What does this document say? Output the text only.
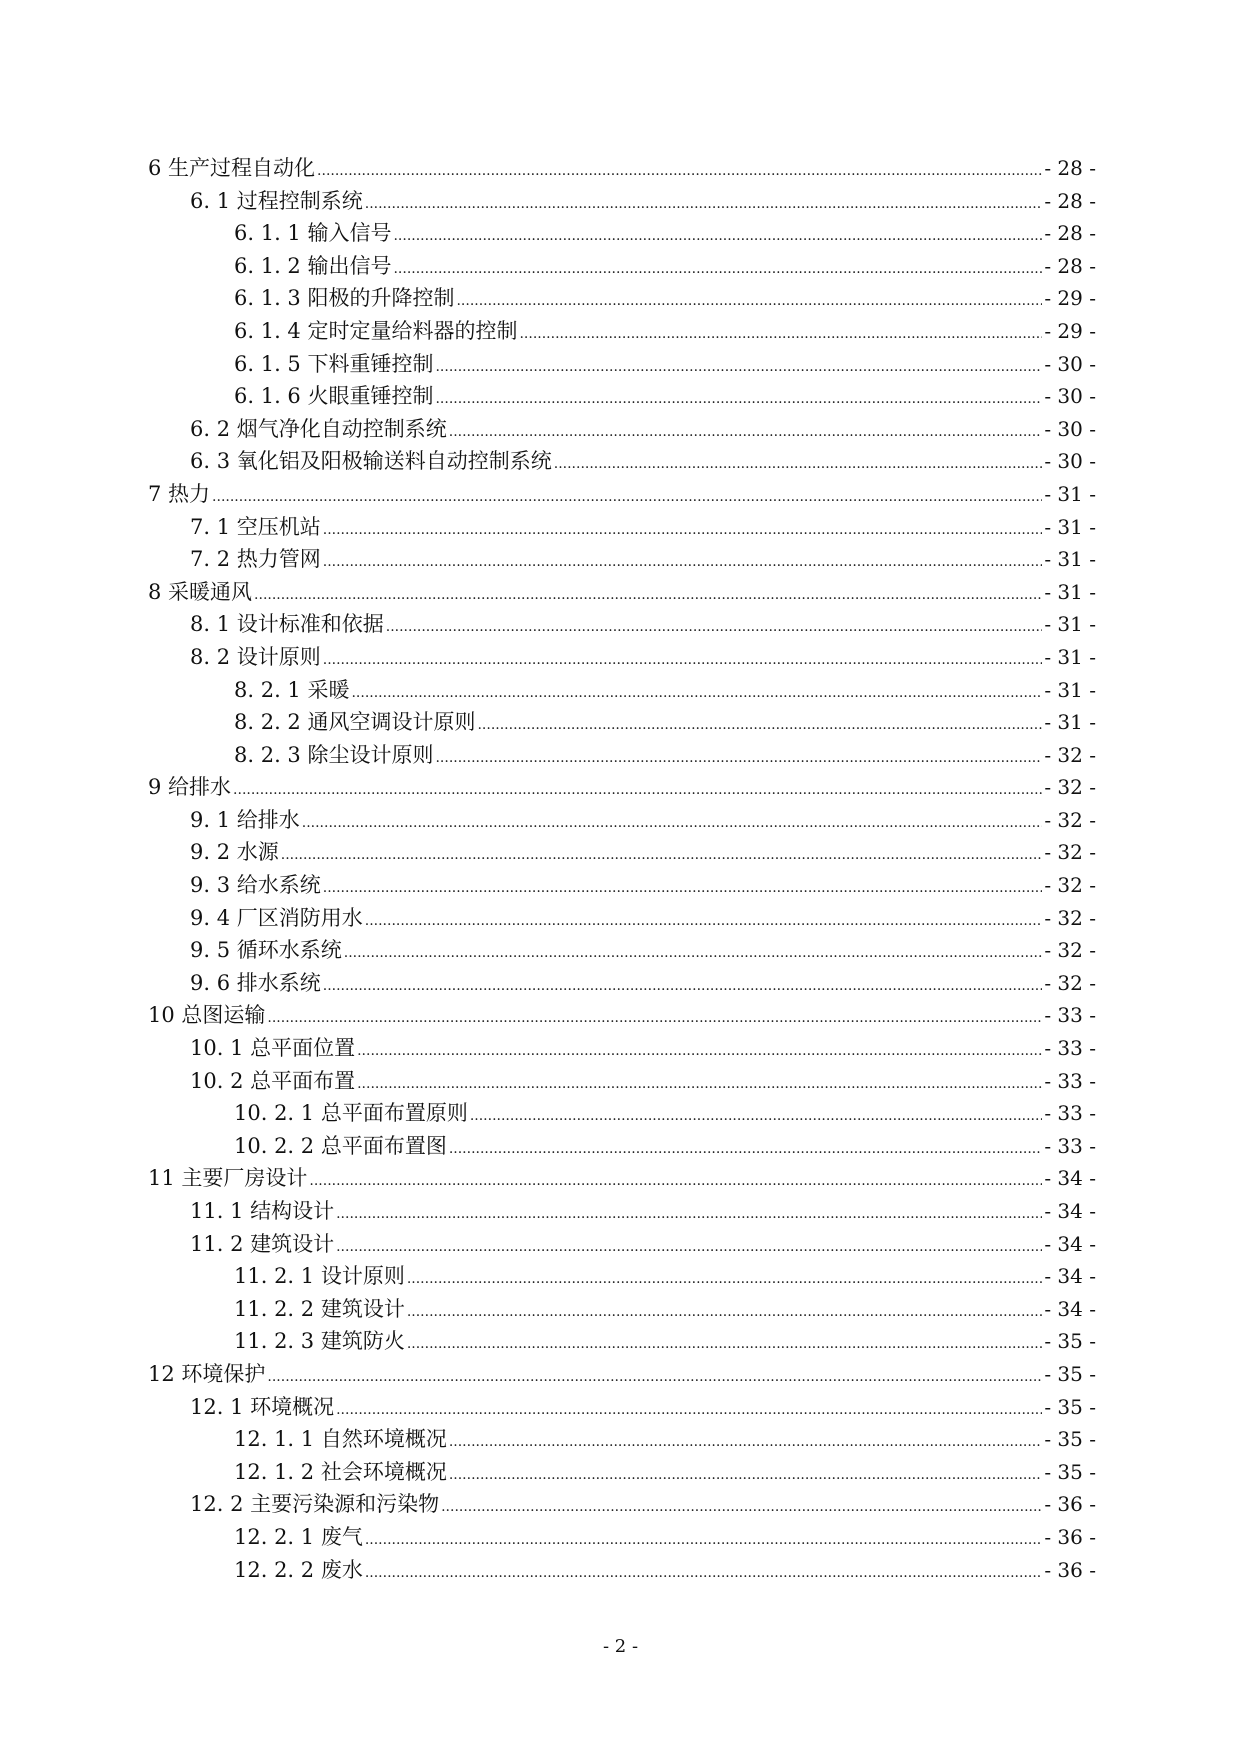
6 生产过程自动化 .....	- 28 -
6. 1 过程控制系统 .....	- 28 -
6. 1. 1 输入信号 .....	- 28 -
6. 1. 2 输出信号 .....	- 28 -
6. 1. 3 阳极的升降控制 .....	- 29 -
6. 1. 4 定时定量给料器的控制 .....	- 29 -
6. 1. 5 下料重锤控制 .....	- 30 -
6. 1. 6 火眼重锤控制 .....	- 30 -
6. 2 烟气净化自动控制系统 .....	- 30 -
6. 3 氧化铝及阳极输送料自动控制系统 .....	- 30 -
7 热力 .....	- 31 -
7. 1 空压机站 .....	- 31 -
7. 2 热力管网 .....	- 31 -
8 采暖通风 .....	- 31 -
8. 1 设计标准和依据 .....	- 31 -
8. 2 设计原则 .....	- 31 -
8. 2. 1 采暖 .....	- 31 -
8. 2. 2 通风空调设计原则 .....	- 31 -
8. 2. 3 除尘设计原则 .....	- 32 -
9 给排水 .....	- 32 -
9. 1 给排水 .....	- 32 -
9. 2 水源 .....	- 32 -
9. 3 给水系统 .....	- 32 -
9. 4 厂区消防用水 .....	- 32 -
9. 5 循环水系统 .....	- 32 -
9. 6 排水系统 .....	- 32 -
10 总图运输 .....	- 33 -
10. 1 总平面位置 .....	- 33 -
10. 2 总平面布置 .....	- 33 -
10. 2. 1 总平面布置原则 .....	- 33 -
10. 2. 2 总平面布置图 .....	- 33 -
11 主要厂房设计 .....	- 34 -
11. 1 结构设计 .....	- 34 -
11. 2 建筑设计 .....	- 34 -
11. 2. 1 设计原则 .....	- 34 -
11. 2. 2 建筑设计 .....	- 34 -
11. 2. 3 建筑防火 .....	- 35 -
12 环境保护 .....	- 35 -
12. 1 环境概况 .....	- 35 -
12. 1. 1 自然环境概况 .....	- 35 -
12. 1. 2 社会环境概况 .....	- 35 -
12. 2 主要污染源和污染物 .....	- 36 -
12. 2. 1 废气 .....	- 36 -
12. 2. 2 废水 .....	- 36 -
- 2 -
